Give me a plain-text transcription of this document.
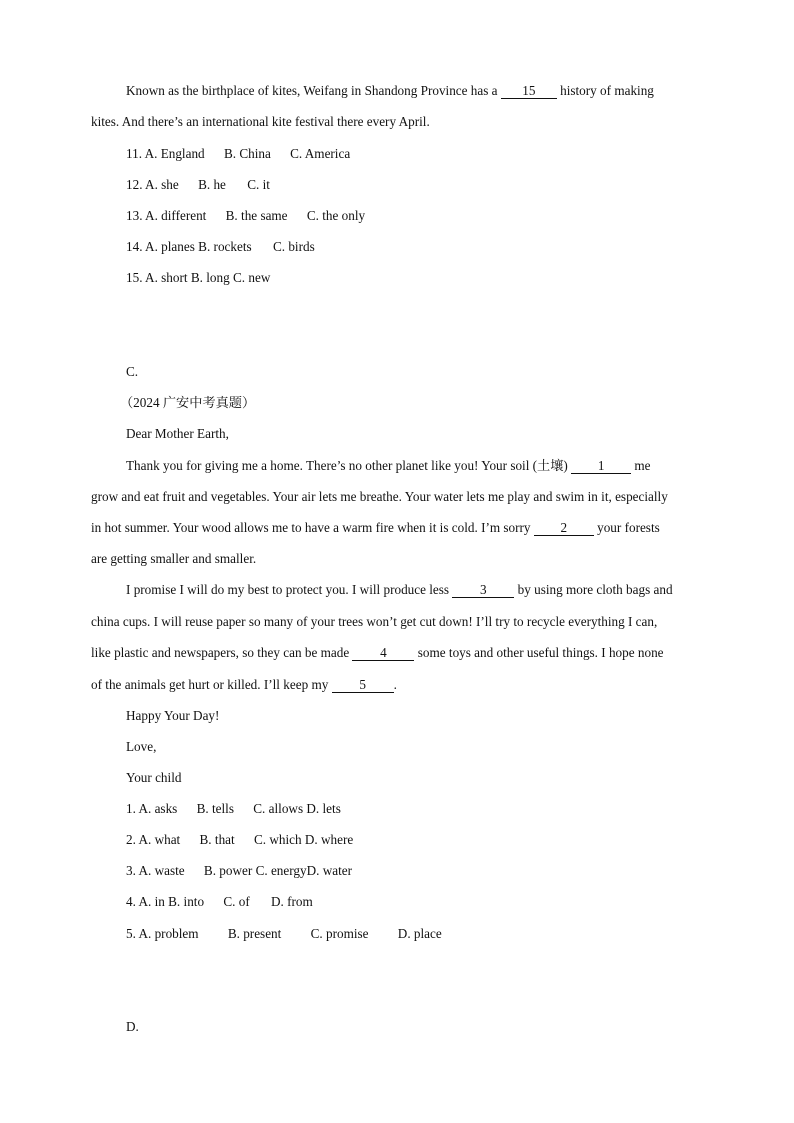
Known as the birthplace of kites, Weifang in Shandong Province has a 15 history of making
kites. And there’s an international kite festival there every April.
11. A. England B. China C. America
12. A. she B. he C. it
13. A. different B. the same C. the only
14. A. planes B. rockets C. birds
15. A. short B. long C. new
C.
（2024 广安中考真题）
Dear Mother Earth,
Thank you for giving me a home. There’s no other planet like you! Your soil (土壤) 1 me
grow and eat fruit and vegetables. Your air lets me breathe. Your water lets me play and swim in it, especially
in hot summer. Your wood allows me to have a warm fire when it is cold. I’m sorry 2 your forests
are getting smaller and smaller.
I promise I will do my best to protect you. I will produce less 3 by using more cloth bags and
china cups. I will reuse paper so many of your trees won’t get cut down! I’ll try to recycle everything I can,
like plastic and newspapers, so they can be made 4 some toys and other useful things. I hope none
of the animals get hurt or killed. I’ll keep my 5 .
Happy Your Day!
Love,
Your child
1. A. asks B. tells C. allows D. lets
2. A. what B. that C. which D. where
3. A. waste B. power C. energyD. water
4. A. in B. into C. of D. from
5. A. problem B. present C. promise D. place
D.
